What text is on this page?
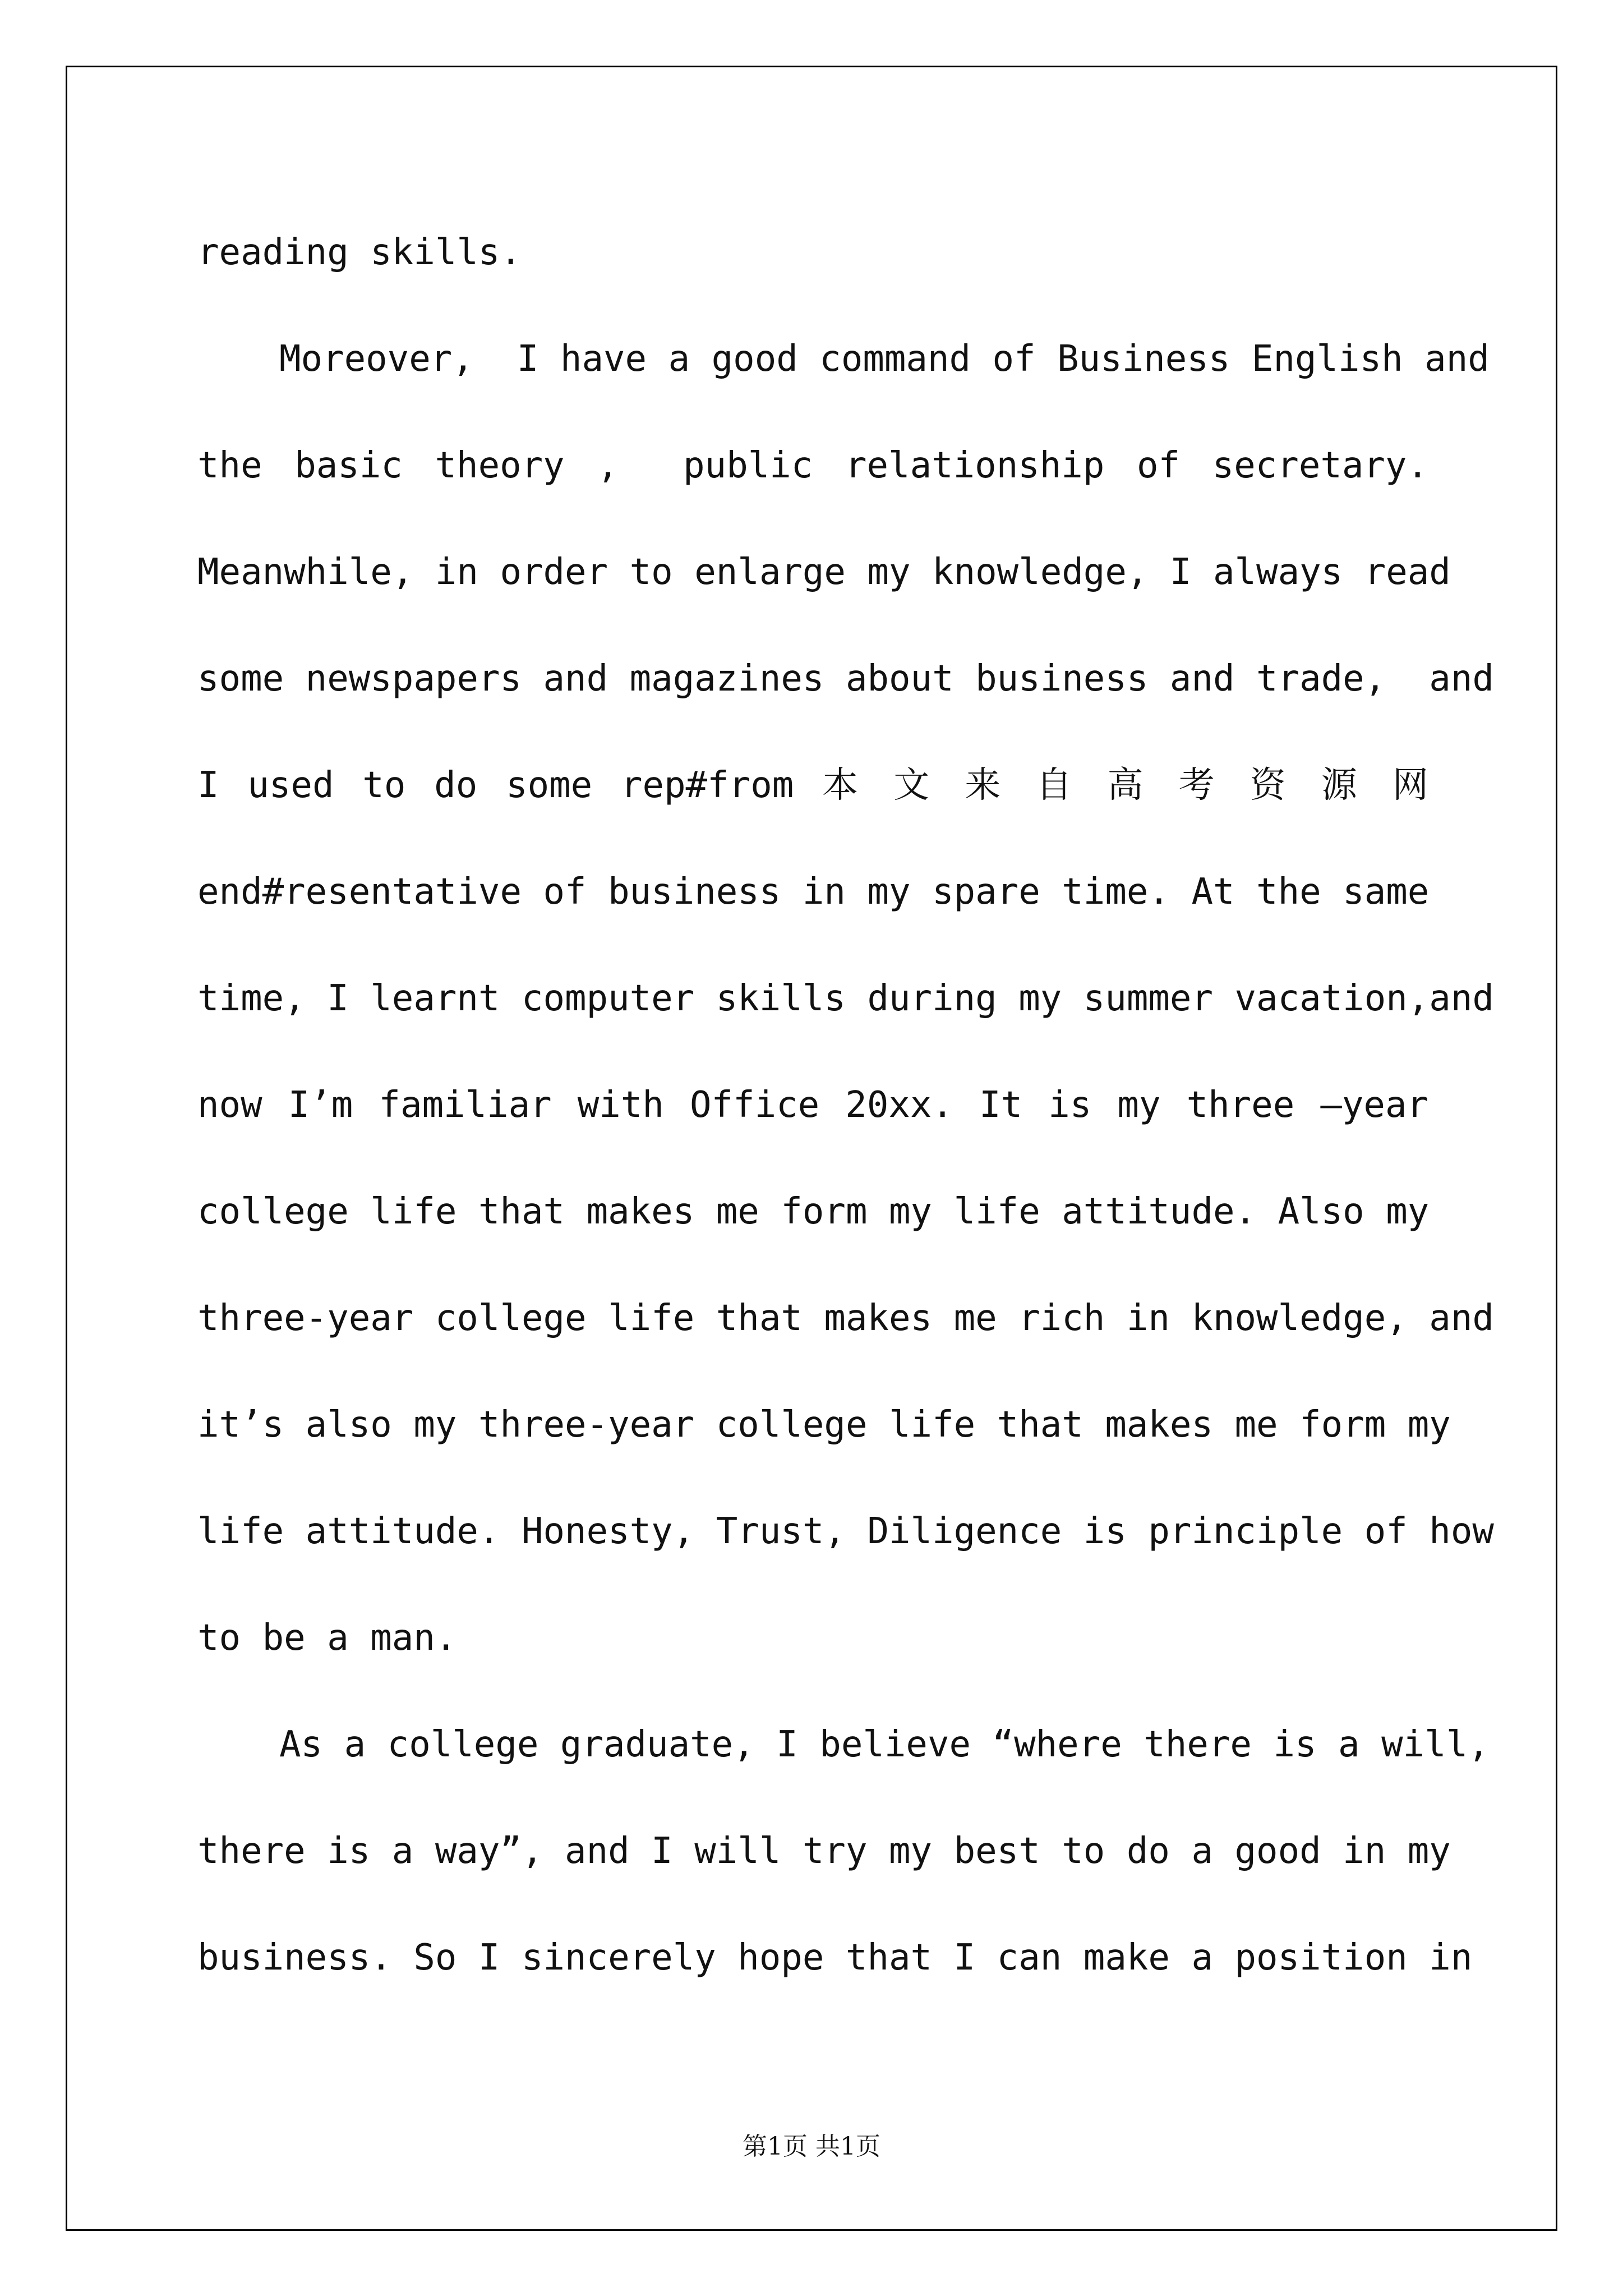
reading skills.
Moreover,  I have a good command of Business English and
the basic theory ,  public relationship of secretary.
Meanwhile, in order to enlarge my knowledge, I always read
some newspapers and magazines about business and trade,  and
I used to do some rep#from 本 文 来 自 高 考 资 源 网
end#resentative of business in my spare time. At the same
time, I learnt computer skills during my summer vacation,and
now I’m familiar with Office 20xx. It is my three –year
college life that makes me form my life attitude. Also my
three-year college life that makes me rich in knowledge, and
it’s also my three-year college life that makes me form my
life attitude. Honesty, Trust, Diligence is principle of how
to be a man.
As a college graduate, I believe “where there is a will,
there is a way”, and I will try my best to do a good in my
business. So I sincerely hope that I can make a position in
第1页 共1页
